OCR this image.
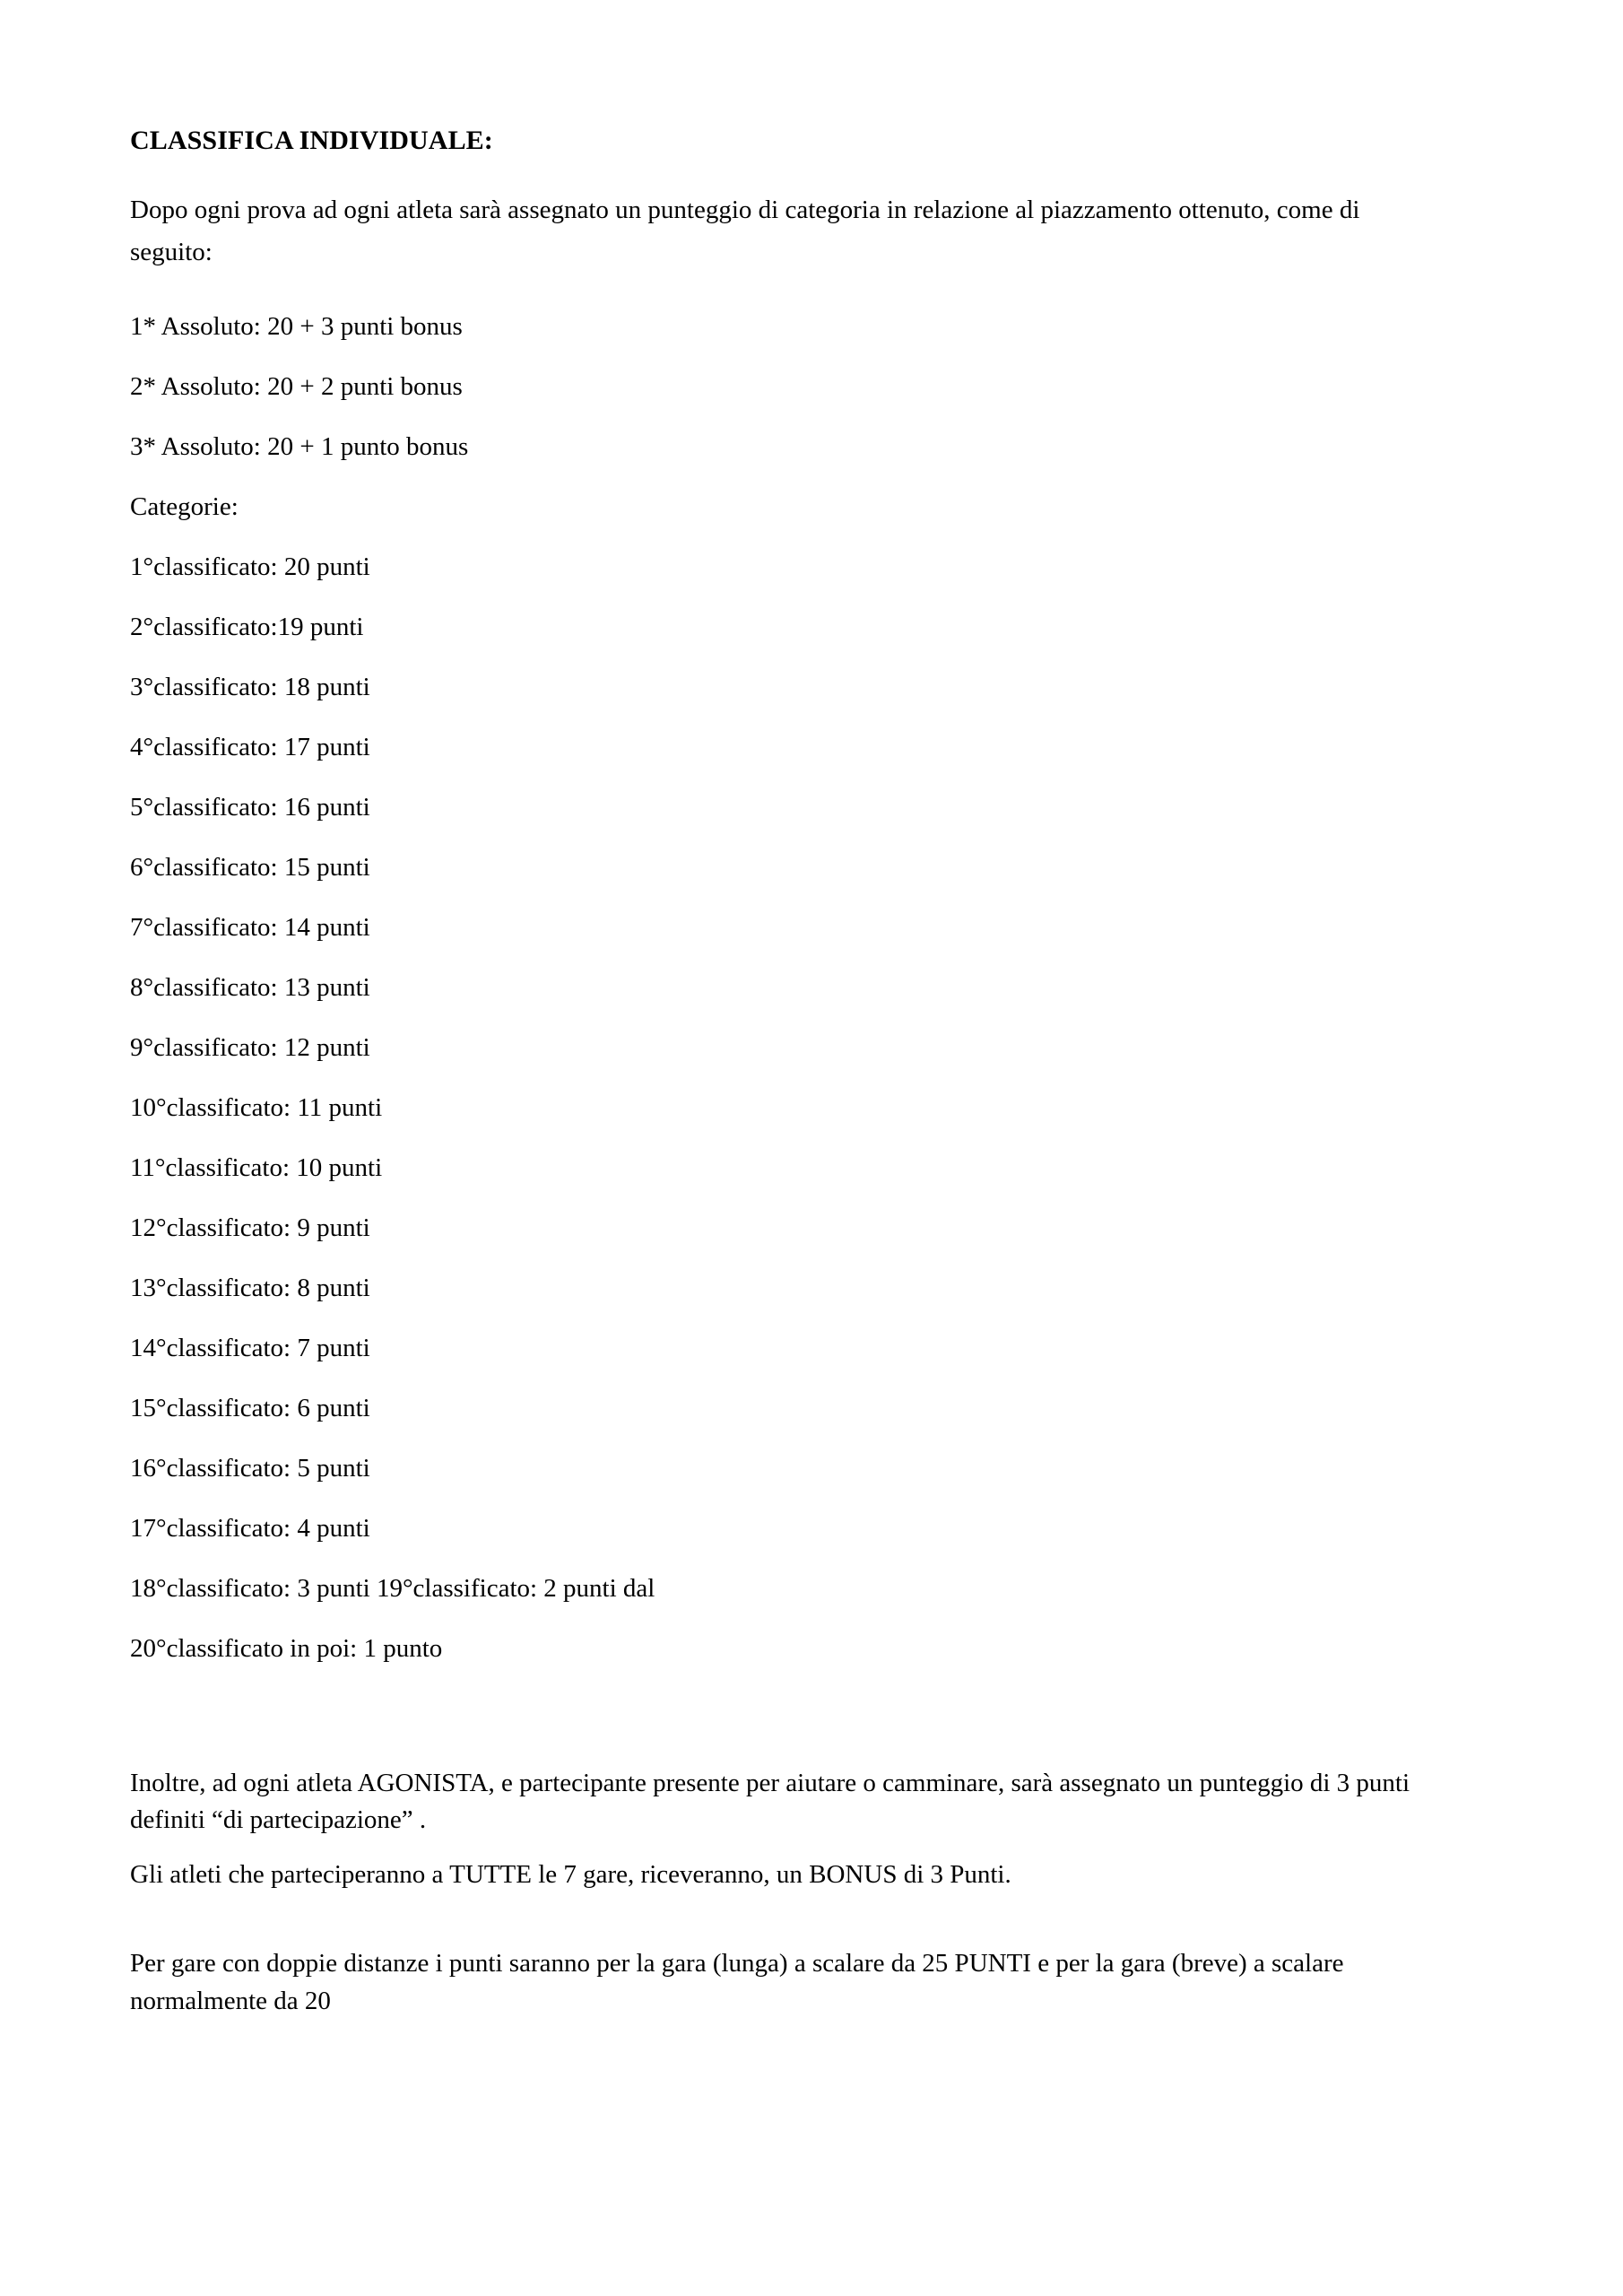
CLASSIFICA INDIVIDUALE:

Dopo ogni prova ad ogni atleta sarà assegnato un punteggio di categoria in relazione al piazzamento ottenuto, come di seguito:

1* Assoluto: 20 + 3 punti bonus
2* Assoluto: 20 + 2 punti bonus
3* Assoluto: 20 + 1 punto bonus
Categorie:
1°classificato: 20 punti
2°classificato:19 punti
3°classificato: 18 punti
4°classificato: 17 punti
5°classificato: 16 punti
6°classificato: 15 punti
7°classificato: 14 punti
8°classificato: 13 punti
9°classificato: 12 punti
10°classificato: 11 punti
11°classificato: 10 punti
12°classificato: 9 punti
13°classificato: 8 punti
14°classificato: 7 punti
15°classificato: 6 punti
16°classificato: 5 punti
17°classificato: 4 punti
18°classificato: 3 punti 19°classificato: 2 punti dal
20°classificato in poi: 1 punto

Inoltre, ad ogni atleta AGONISTA, e partecipante presente per aiutare o camminare, sarà assegnato un punteggio di 3 punti definiti “di partecipazione” .

Gli atleti che parteciperanno a TUTTE le 7 gare, riceveranno, un BONUS di 3 Punti.

Per gare con doppie distanze i punti saranno per la gara (lunga) a scalare da 25 PUNTI e per la gara (breve) a scalare normalmente da 20
